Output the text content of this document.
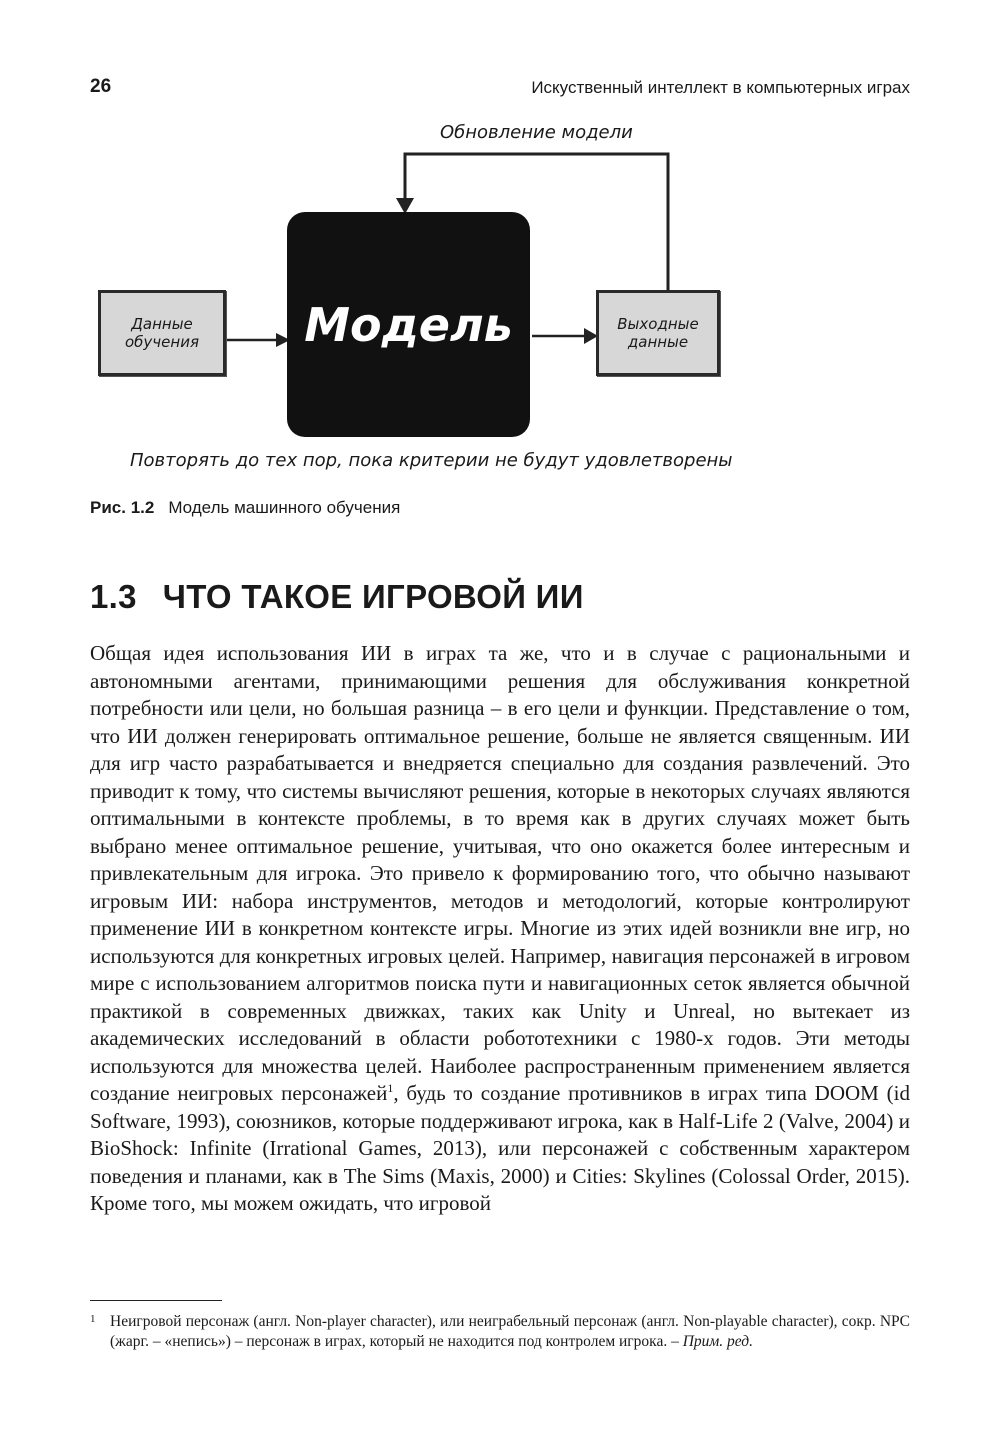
26	Искуственный интеллект в компьютерных играх
Обновление модели
Данные
обучения Модель	Выходные
данные
Повторять до тех пор, пока критерии не будут удовлетворены
Рис. 1.2 Модель машинного обучения
1.3 ЧТО ТАКОЕ ИГРОВОЙ ИИ

Общая идея использования ИИ в играх та же, что и в случае с рациональными и автономными агентами, принимающими решения для обслуживания конкретной потребности или цели, но большая разница – в его цели и функции. Представление о том, что ИИ должен генерировать оптимальное решение, больше не является священным. ИИ для игр часто разрабатывается и внедряется специально для создания развлечений. Это приводит к тому, что системы вычисляют решения, которые в некоторых случаях являются оптимальными в контексте проблемы, в то время как в других случаях может быть выбрано менее оптимальное решение, учитывая, что оно окажется более интересным и привлекательным для игрока. Это привело к формированию того, что обычно называют игровым ИИ: набора инструментов, методов и методологий, которые контролируют применение ИИ в конкретном контексте игры. Многие из этих идей возникли вне игр, но используются для конкретных игровых целей. Например, навигация персонажей в игровом мире с использованием алгоритмов поиска пути и навигационных сеток является обычной практикой в современных движках, таких как Unity и Unreal, но вытекает из академических исследований в области робототехники с 1980-х годов. Эти методы используются для множества целей. Наиболее распространенным применением является создание неигровых персонажей$^1$, будь то создание противников в играх типа DOOM (id Software, 1993), союзников, которые поддерживают игрока, как в Half-Life 2 (Valve, 2004) и BioShock: Infinite (Irrational Games, 2013), или персонажей с собственным характером поведения и планами, как в The Sims (Maxis, 2000) и Cities: Skylines (Colossal Order, 2015). Кроме того, мы можем ожидать, что игровой

1 Неигровой персонаж (англ. Non-player character), или неиграбельный персонаж (англ. Non-playable character), сокр. NPC (жарг. – «непись») – персонаж в играх, который не находится под контролем игрока. – Прим. ред.
